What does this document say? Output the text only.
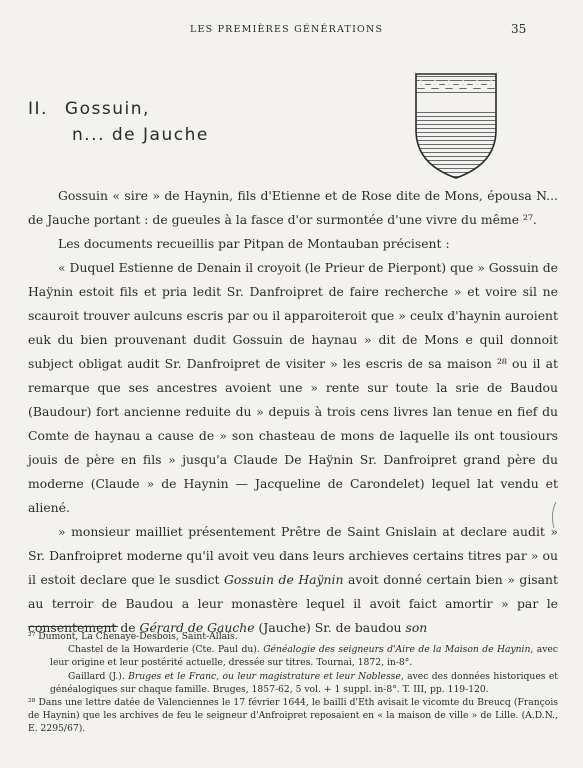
LES PREMIÈRES GÉNÉRATIONS	35
II. Gossuin,
n... de Jauche

Gossuin « sire » de Haynin, fils d'Etienne et de Rose dite de Mons, épousa N... de Jauche portant : de gueules à la fasce d'or surmontée d'une vivre du même ²⁷.

Les documents recueillis par Pitpan de Montauban précisent :

« Duquel Estienne de Denain il croyoit (le Prieur de Pierpont) que » Gossuin de Haÿnin estoit fils et pria ledit Sr. Danfroipret de faire recherche » et voire sil ne scauroit trouver aulcuns escris par ou il apparoiteroit que » ceulx d'haynin auroient euk du bien prouvenant dudit Gossuin de haynau » dit de Mons e quil donnoit subject obligat audit Sr. Danfroipret de visiter » les escris de sa maison ²⁸ ou il at remarque que ses ancestres avoient une » rente sur toute la srie de Baudou (Baudour) fort ancienne reduite du » depuis à trois cens livres lan tenue en fief du Comte de haynau a cause de » son chasteau de mons de laquelle ils ont tousiours jouis de père en fils » jusqu'a Claude De Haÿnin Sr. Danfroipret grand père du moderne (Claude » de Haynin — Jacqueline de Carondelet) lequel lat vendu et aliené.

» monsieur mailliet présentement Prêtre de Saint Gnislain at declare audit » Sr. Danfroipret moderne qu'il avoit veu dans leurs archieves certains titres par » ou il estoit declare que le susdict Gossuin de Haÿnin avoit donné certain bien » gisant au terroir de Baudou a leur monastère lequel il avoit faict amortir » par le consentement de Gérard de Gauche (Jauche) Sr. de baudou son

²⁷ Dumont, La Chenaye-Desbois, Saint-Allais.

Chastel de la Howarderie (Cte. Paul du). Généalogie des seigneurs d'Aire de la Maison de Haynin, avec leur origine et leur postérité actuelle, dressée sur titres. Tournai, 1872, in-8°.

Gaillard (J.). Bruges et le Franc, ou leur magistrature et leur Noblesse, avec des données historiques et généalogiques sur chaque famille. Bruges, 1857-62, 5 vol. + 1 suppl. in-8°. T. III, pp. 119-120.

²⁸ Dans une lettre datée de Valenciennes le 17 février 1644, le bailli d'Eth avisait le vicomte du Breucq (François de Haynin) que les archives de feu le seigneur d'Anfroipret reposaient en « la maison de ville » de Lille. (A.D.N., E. 2295/67).
